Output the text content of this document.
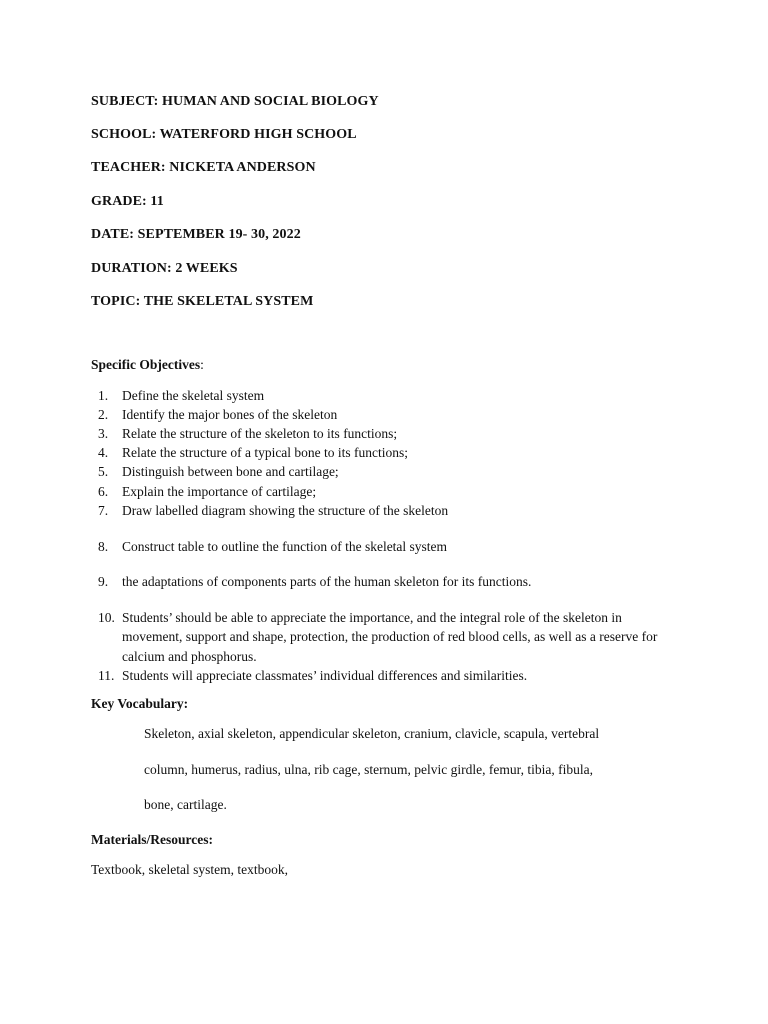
SUBJECT: HUMAN AND SOCIAL BIOLOGY
SCHOOL: WATERFORD HIGH SCHOOL
TEACHER: NICKETA ANDERSON
GRADE: 11
DATE: SEPTEMBER 19- 30, 2022
DURATION: 2 WEEKS
TOPIC: THE SKELETAL SYSTEM
Specific Objectives:
1.	Define the skeletal system
2.	Identify the major bones of the skeleton
3.	Relate the structure of the skeleton to its functions;
4.	Relate the structure of a typical bone to its functions;
5.	Distinguish between bone and cartilage;
6.	Explain the importance of cartilage;
7.	Draw labelled diagram showing the structure of the skeleton
8.	Construct table to outline the function of the skeletal system
9.	the adaptations of components parts of the human skeleton for its functions.
10. Students’ should be able to appreciate the importance, and the integral role of the skeleton in movement, support and shape, protection, the production of red blood cells, as well as a reserve for calcium and phosphorus.
11. Students will appreciate classmates’ individual differences and similarities.
Key Vocabulary:
Skeleton, axial skeleton, appendicular skeleton, cranium, clavicle, scapula, vertebral
column, humerus, radius, ulna, rib cage, sternum, pelvic girdle, femur, tibia, fibula,
bone, cartilage.
Materials/Resources:
Textbook, skeletal system, textbook,
